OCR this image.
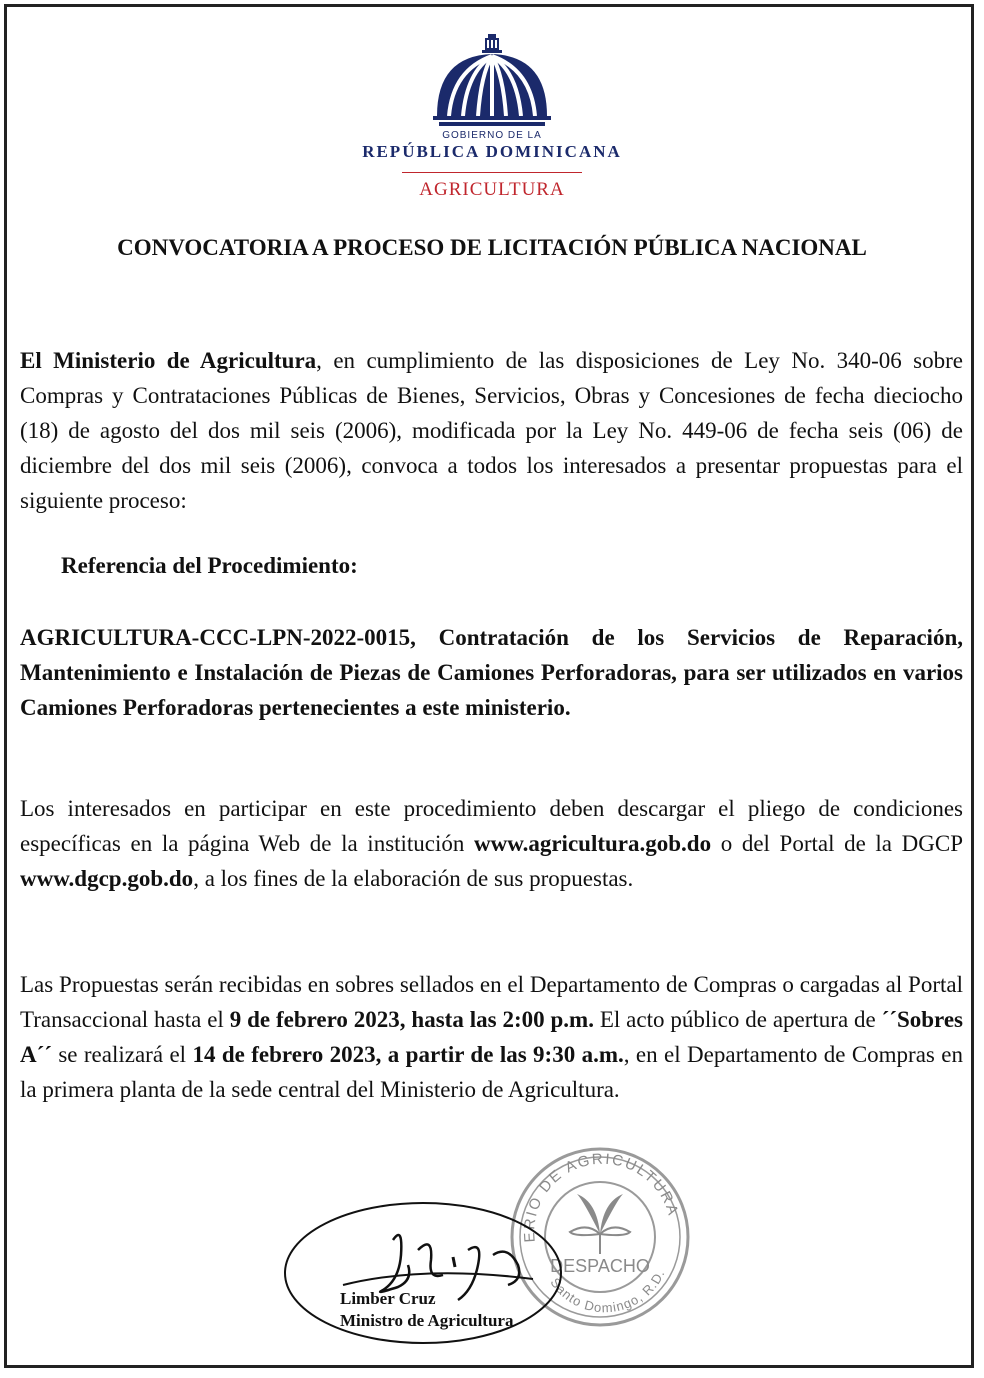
GOBIERNO DE LA
REPÚBLICA DOMINICANA
AGRICULTURA
CONVOCATORIA A PROCESO DE LICITACIÓN PÚBLICA NACIONAL
El Ministerio de Agricultura, en cumplimiento de las disposiciones de Ley No. 340-06 sobre Compras y Contrataciones Públicas de Bienes, Servicios, Obras y Concesiones de fecha dieciocho (18) de agosto del dos mil seis (2006), modificada por la Ley No. 449-06 de fecha seis (06) de diciembre del dos mil seis (2006), convoca a todos los interesados a presentar propuestas para el siguiente proceso:
Referencia del Procedimiento:
AGRICULTURA-CCC-LPN-2022-0015, Contratación de los Servicios de Reparación, Mantenimiento e Instalación de Piezas de Camiones Perforadoras, para ser utilizados en varios Camiones Perforadoras pertenecientes a este ministerio.
Los interesados en participar en este procedimiento deben descargar el pliego de condiciones específicas en la página Web de la institución www.agricultura.gob.do o del Portal de la DGCP www.dgcp.gob.do, a los fines de la elaboración de sus propuestas.
Las Propuestas serán recibidas en sobres sellados en el Departamento de Compras o cargadas al Portal Transaccional hasta el 9 de febrero 2023, hasta las 2:00 p.m. El acto público de apertura de ´´Sobres A´´ se realizará el 14 de febrero 2023, a partir de las 9:30 a.m., en el Departamento de Compras en la primera planta de la sede central del Ministerio de Agricultura.
ERIO DE AGRICULTURA
Santo Domingo, R.D.
DESPACHO
Limber Cruz
Ministro de Agricultura
